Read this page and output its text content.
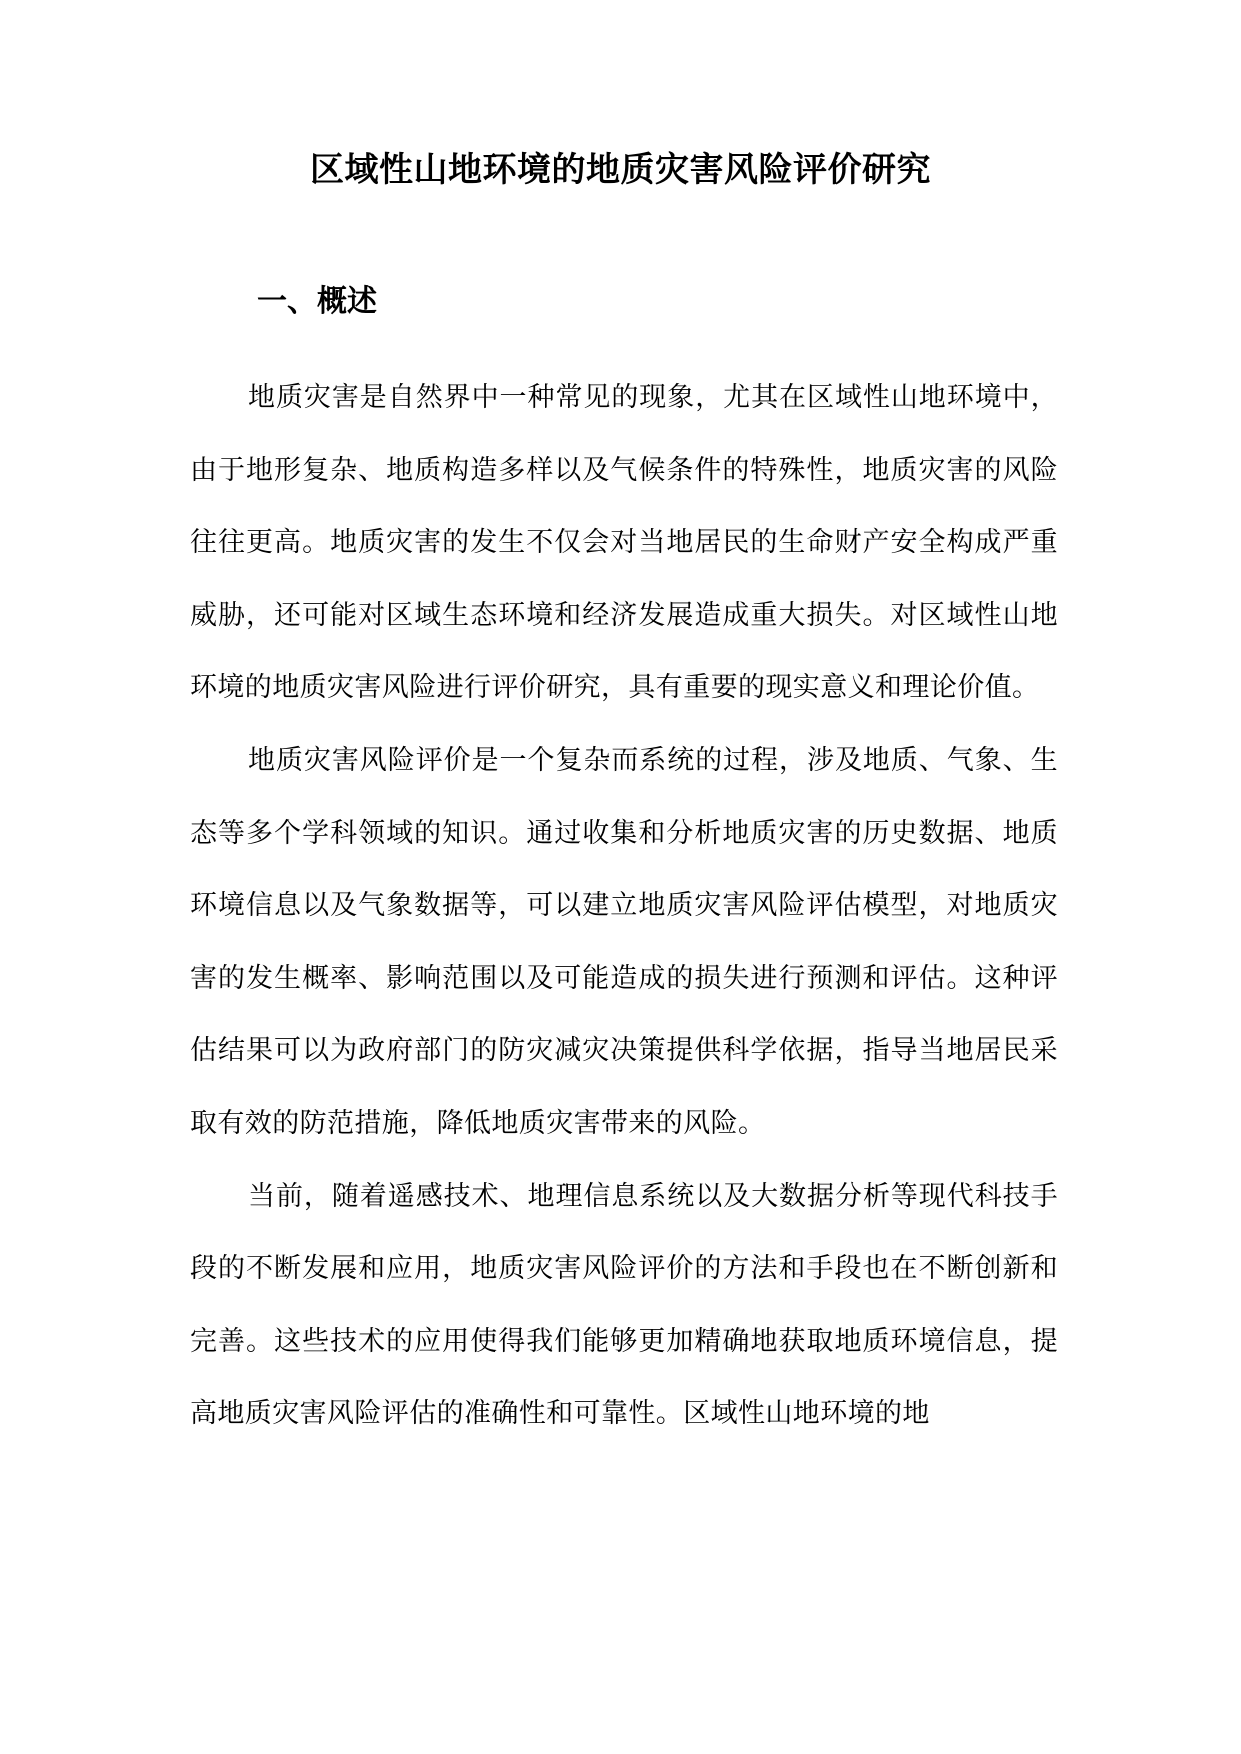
区域性山地环境的地质灾害风险评价研究
一、概述

地质灾害是自然界中一种常见的现象，尤其在区域性山地环境中，由于地形复杂、地质构造多样以及气候条件的特殊性，地质灾害的风险往往更高。地质灾害的发生不仅会对当地居民的生命财产安全构成严重威胁，还可能对区域生态环境和经济发展造成重大损失。对区域性山地环境的地质灾害风险进行评价研究，具有重要的现实意义和理论价值。

地质灾害风险评价是一个复杂而系统的过程，涉及地质、气象、生态等多个学科领域的知识。通过收集和分析地质灾害的历史数据、地质环境信息以及气象数据等，可以建立地质灾害风险评估模型，对地质灾害的发生概率、影响范围以及可能造成的损失进行预测和评估。这种评估结果可以为政府部门的防灾减灾决策提供科学依据，指导当地居民采取有效的防范措施，降低地质灾害带来的风险。

当前，随着遥感技术、地理信息系统以及大数据分析等现代科技手段的不断发展和应用，地质灾害风险评价的方法和手段也在不断创新和完善。这些技术的应用使得我们能够更加精确地获取地质环境信息，提高地质灾害风险评估的准确性和可靠性。区域性山地环境的地
